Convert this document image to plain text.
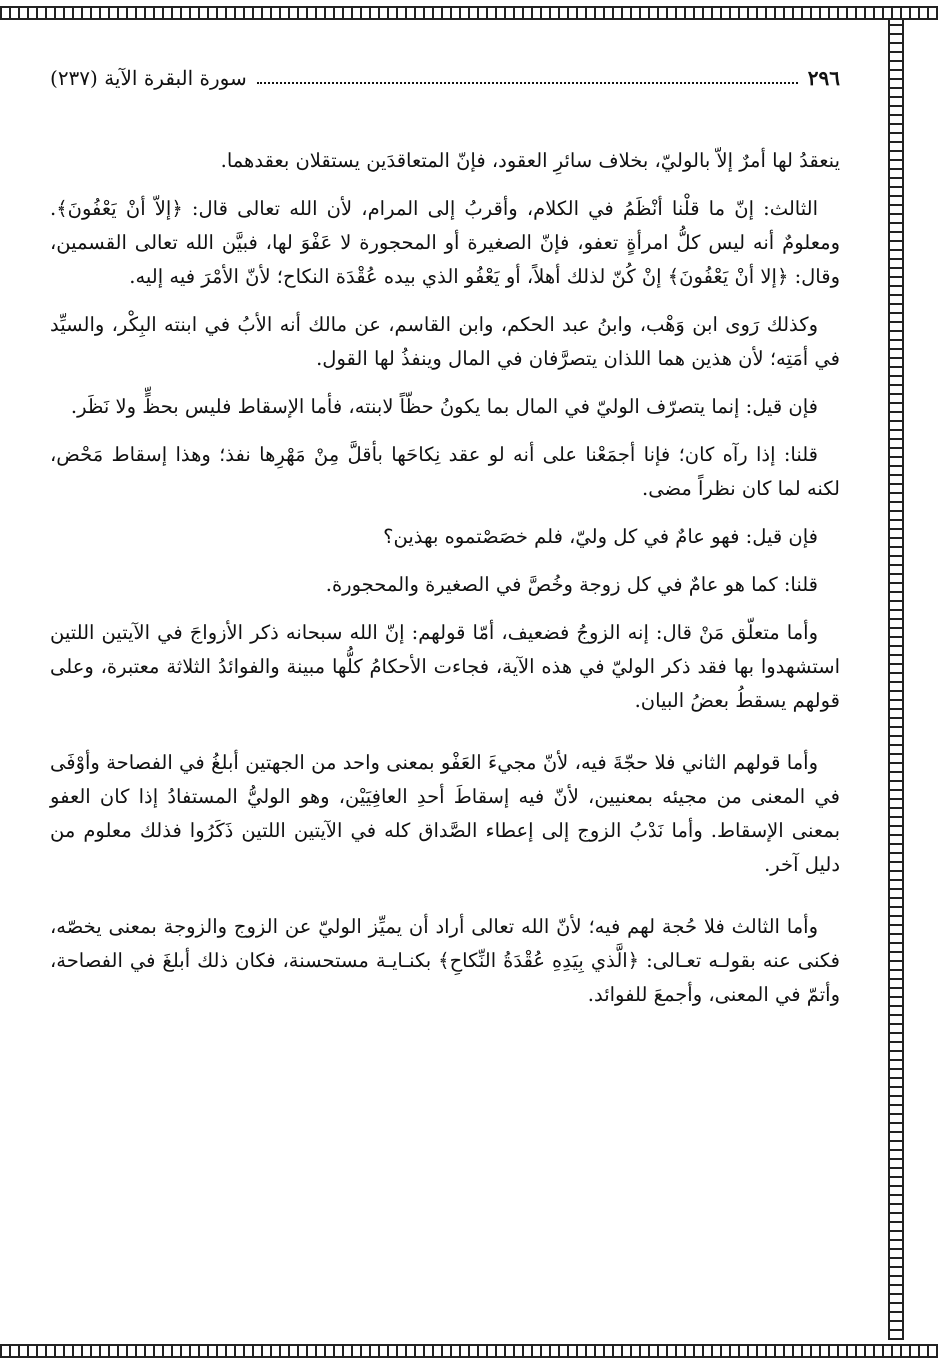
٢٩٦
سورة البقرة الآية (٢٣٧)

ينعقدُ لها أمرٌ إلاّ بالوليّ، بخلاف سائرِ العقود، فإنّ المتعاقدَين يستقلان بعقدهما.

الثالث: إنّ ما قلْنا أنْظَمُ في الكلام، وأقربُ إلى المرام، لأن الله تعالى قال: ﴿إلاّ أنْ يَعْفُونَ﴾. ومعلومٌ أنه ليس كلُّ امرأةٍ تعفو، فإنّ الصغيرة أو المحجورة لا عَفْوَ لها، فبيَّن الله تعالى القسمين، وقال: ﴿إلا أنْ يَعْفُونَ﴾ إنْ كُنّ لذلك أهلاً، أو يَعْفُو الذي بيده عُقْدَة النكاح؛ لأنّ الأمْرَ فيه إليه.

وكذلك رَوى ابن وَهْب، وابنُ عبد الحكم، وابن القاسم، عن مالك أنه الأبُ في ابنته البِكْر، والسيِّد في أمَتِه؛ لأن هذين هما اللذان يتصرَّفان في المال وينفذُ لها القول.

فإن قيل: إنما يتصرّف الوليّ في المال بما يكونُ حظّاً لابنته، فأما الإسقاط فليس بحظٍّ ولا نَظَر.

قلنا: إذا رآه كان؛ فإنا أجمَعْنا على أنه لو عقد نِكاحَها بأقلَّ مِنْ مَهْرِها نفذ؛ وهذا إسقاط مَحْض، لكنه لما كان نظراً مضى.

فإن قيل: فهو عامٌ في كل وليّ، فلم خصَصْتموه بهذين؟

قلنا: كما هو عامٌ في كل زوجة وخُصَّ في الصغيرة والمحجورة.

وأما متعلّق مَنْ قال: إنه الزوجُ فضعيف، أمّا قولهم: إنّ الله سبحانه ذكر الأزواجَ في الآيتين اللتين استشهدوا بها فقد ذكر الوليّ في هذه الآية، فجاءت الأحكامُ كلُّها مبينة والفوائدُ الثلاثة معتبرة، وعلى قولهم يسقطُ بعضُ البيان.

وأما قولهم الثاني فلا حجّةَ فيه، لأنّ مجيءَ العَفْو بمعنى واحد من الجهتين أبلغُ في الفصاحة وأوْفَى في المعنى من مجيئه بمعنيين، لأنّ فيه إسقاطَ أحدِ العافِيَيْن، وهو الوليُّ المستفادُ إذا كان العفو بمعنى الإسقاط. وأما نَدْبُ الزوج إلى إعطاء الصَّداق كله في الآيتين اللتين ذَكَرُوا فذلك معلوم من دليل آخر.

وأما الثالث فلا حُجة لهم فيه؛ لأنّ الله تعالى أراد أن يميِّز الوليّ عن الزوج والزوجة بمعنى يخصّه، فكنى عنه بقولـه تعـالى: ﴿الَّذي بِيَدِهِ عُقْدَةُ النِّكاحِ﴾ بكنـايـة مستحسنة، فكان ذلك أبلغَ في الفصاحة، وأتمّ في المعنى، وأجمعَ للفوائد.
